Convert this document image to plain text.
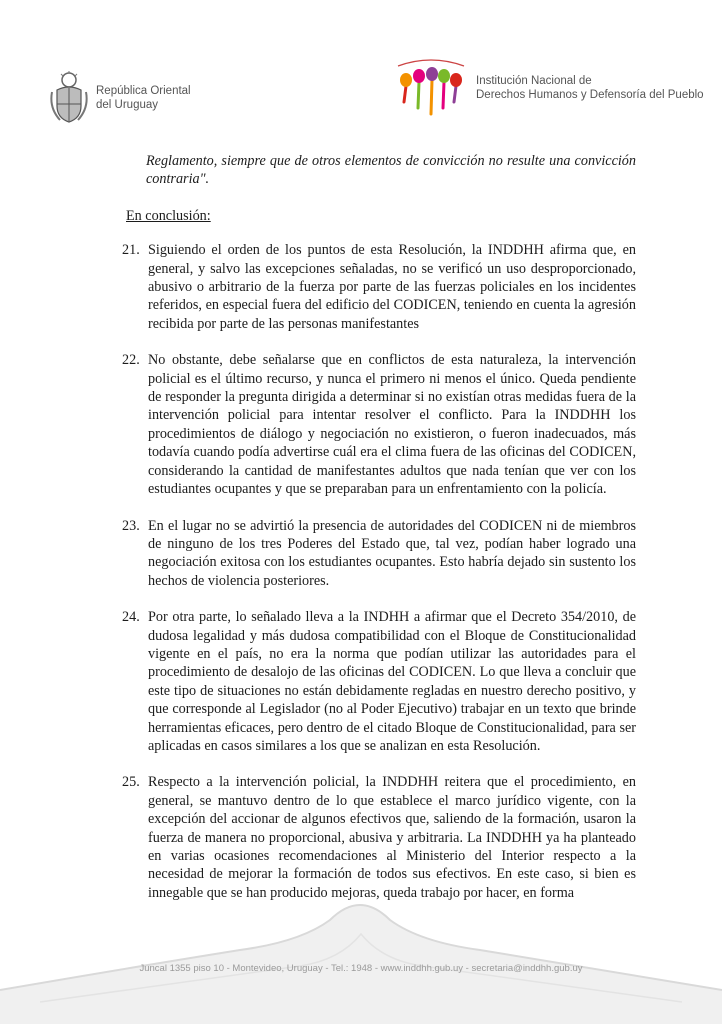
República Oriental
del Uruguay
Institución Nacional de
Derechos Humanos y Defensoría del Pueblo

Reglamento, siempre que de otros elementos de convicción no resulte una convicción contraria".

En conclusión:
21. Siguiendo el orden de los puntos de esta Resolución, la INDDHH afirma que, en general, y salvo las excepciones señaladas, no se verificó un uso desproporcionado, abusivo o arbitrario de la fuerza por parte de las fuerzas policiales en los incidentes referidos, en especial fuera del edificio del CODICEN, teniendo en cuenta la agresión recibida por parte de las personas manifestantes
22. No obstante, debe señalarse que en conflictos de esta naturaleza, la intervención policial es el último recurso, y nunca el primero ni menos el único. Queda pendiente de responder la pregunta dirigida a determinar si no existían otras medidas fuera de la intervención policial para intentar resolver el conflicto. Para la INDDHH los procedimientos de diálogo y negociación no existieron, o fueron inadecuados, más todavía cuando podía advertirse cuál era el clima fuera de las oficinas del CODICEN, considerando la cantidad de manifestantes adultos que nada tenían que ver con los estudiantes ocupantes y que se preparaban para un enfrentamiento con la policía.
23. En el lugar no se advirtió la presencia de autoridades del CODICEN ni de miembros de ninguno de los tres Poderes del Estado que, tal vez, podían haber logrado una negociación exitosa con los estudiantes ocupantes. Esto habría dejado sin sustento los hechos de violencia posteriores.
24. Por otra parte, lo señalado lleva a la INDHH a afirmar que el Decreto 354/2010, de dudosa legalidad y más dudosa compatibilidad con el Bloque de Constitucionalidad vigente en el país, no era la norma que podían utilizar las autoridades para el procedimiento de desalojo de las oficinas del CODICEN. Lo que lleva a concluir que este tipo de situaciones no están debidamente regladas en nuestro derecho positivo, y que corresponde al Legislador (no al Poder Ejecutivo) trabajar en un texto que brinde herramientas eficaces, pero dentro de el citado Bloque de Constitucionalidad, para ser aplicadas en casos similares a los que se analizan en esta Resolución.
25. Respecto a la intervención policial, la INDDHH reitera que el procedimiento, en general, se mantuvo dentro de lo que establece el marco jurídico vigente, con la excepción del accionar de algunos efectivos que, saliendo de la formación, usaron la fuerza de manera no proporcional, abusiva y arbitraria. La INDDHH ya ha planteado en varias ocasiones recomendaciones al Ministerio del Interior respecto a la necesidad de mejorar la formación de todos sus efectivos. En este caso, si bien es innegable que se han producido mejoras, queda trabajo por hacer, en forma
Juncal 1355 piso 10 - Montevideo, Uruguay - Tel.: 1948 - www.inddhh.gub.uy - secretaria@inddhh.gub.uy
